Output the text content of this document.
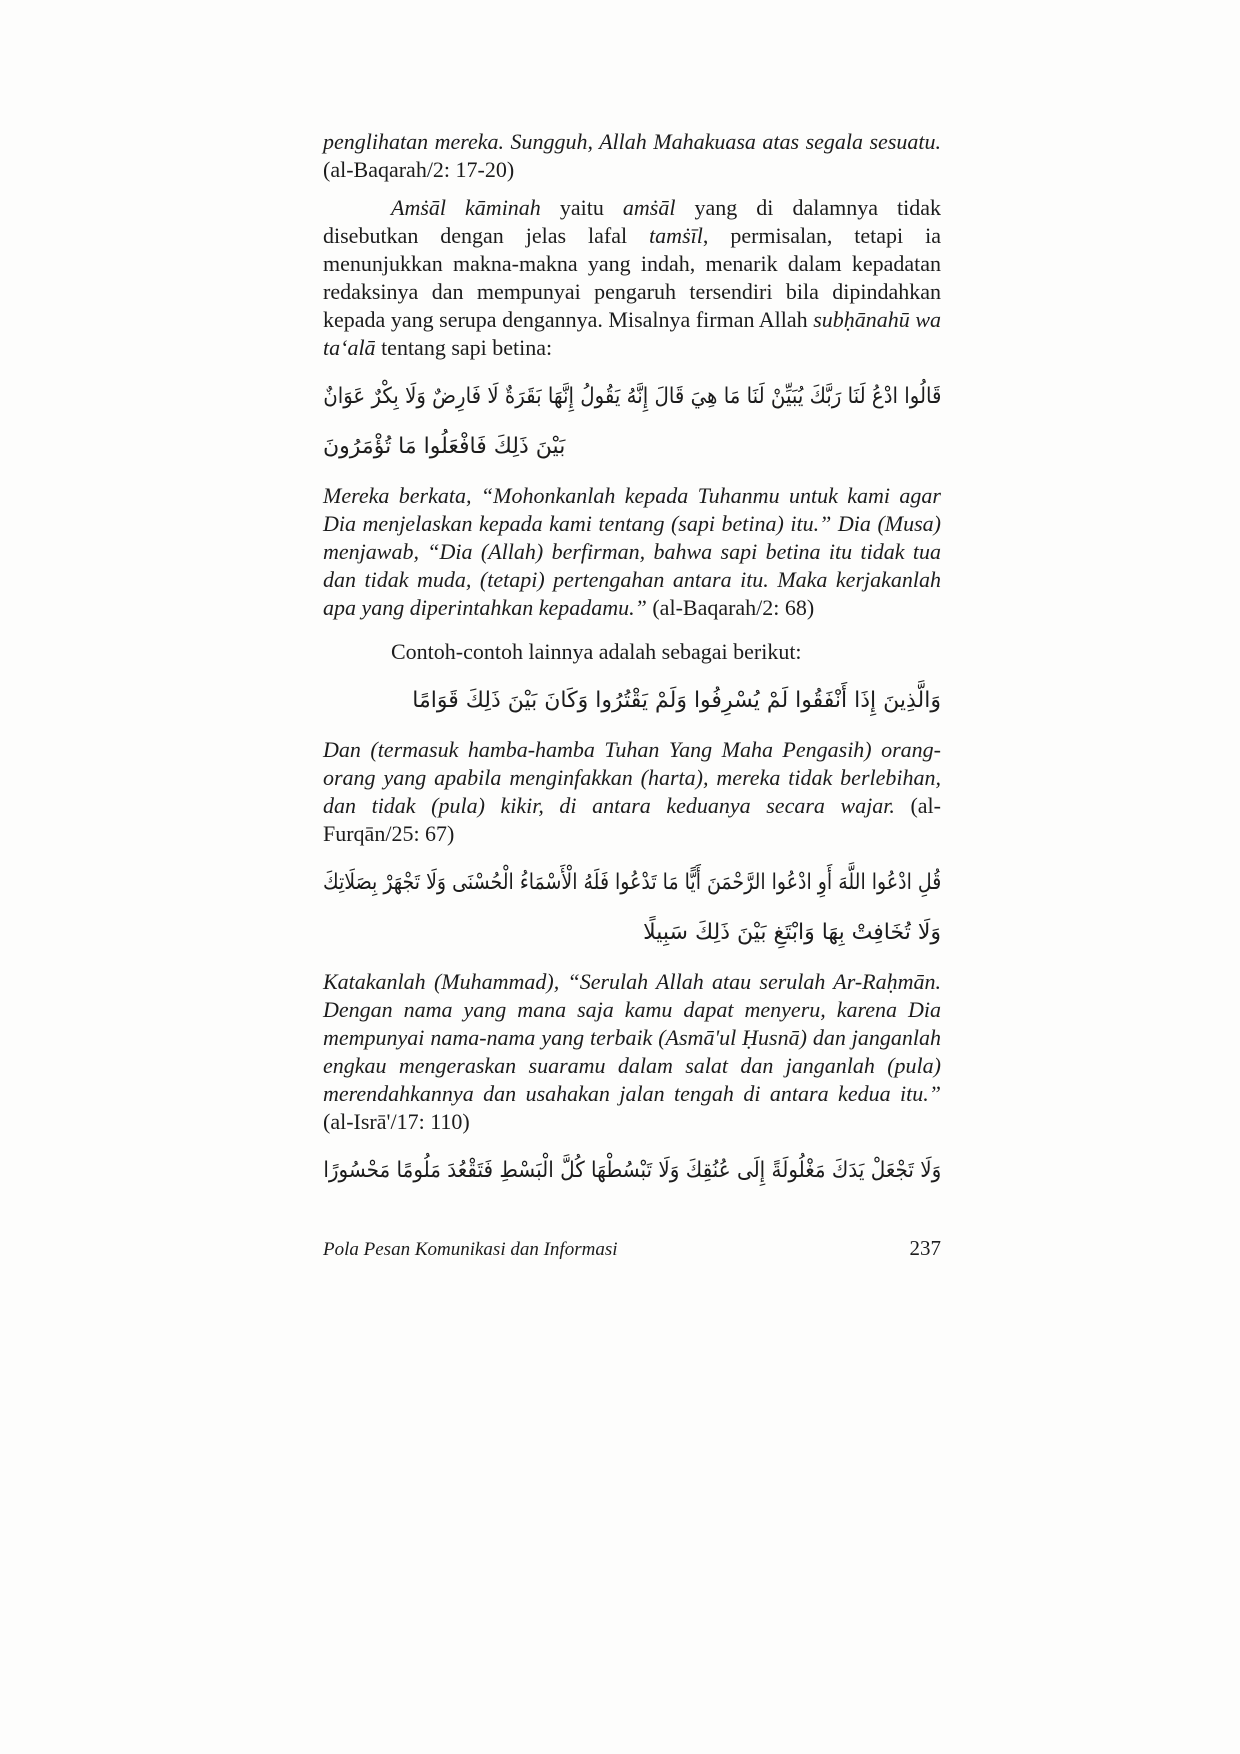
penglihatan mereka. Sungguh, Allah Mahakuasa atas segala sesuatu. (al-Baqarah/2: 17-20)

Amṡāl kāminah yaitu amṡāl yang di dalamnya tidak disebutkan dengan jelas lafal tamṡīl, permisalan, tetapi ia menunjukkan makna-makna yang indah, menarik dalam kepadatan redaksinya dan mempunyai pengaruh tersendiri bila dipindahkan kepada yang serupa dengannya. Misalnya firman Allah subḥānahū wa ta‘alā tentang sapi betina:

قَالُوا ادْعُ لَنَا رَبَّكَ يُبَيِّنْ لَنَا مَا هِيَ قَالَ إِنَّهُ يَقُولُ إِنَّهَا بَقَرَةٌ لَا فَارِضٌ وَلَا بِكْرٌ عَوَانٌ
بَيْنَ ذَلِكَ فَافْعَلُوا مَا تُؤْمَرُونَ

Mereka berkata, “Mohonkanlah kepada Tuhanmu untuk kami agar Dia menjelaskan kepada kami tentang (sapi betina) itu.” Dia (Musa) menjawab, “Dia (Allah) berfirman, bahwa sapi betina itu tidak tua dan tidak muda, (tetapi) pertengahan antara itu. Maka kerjakanlah apa yang diperintahkan kepadamu.” (al-Baqarah/2: 68)

Contoh-contoh lainnya adalah sebagai berikut:

وَالَّذِينَ إِذَا أَنْفَقُوا لَمْ يُسْرِفُوا وَلَمْ يَقْتُرُوا وَكَانَ بَيْنَ ذَلِكَ قَوَامًا

Dan (termasuk hamba-hamba Tuhan Yang Maha Pengasih) orang-orang yang apabila menginfakkan (harta), mereka tidak berlebihan, dan tidak (pula) kikir, di antara keduanya secara wajar. (al-Furqān/25: 67)

قُلِ ادْعُوا اللَّهَ أَوِ ادْعُوا الرَّحْمَنَ أَيًّا مَا تَدْعُوا فَلَهُ الْأَسْمَاءُ الْحُسْنَى وَلَا تَجْهَرْ بِصَلَاتِكَ
وَلَا تُخَافِتْ بِهَا وَابْتَغِ بَيْنَ ذَلِكَ سَبِيلًا

Katakanlah (Muhammad), “Serulah Allah atau serulah Ar-Raḥmān. Dengan nama yang mana saja kamu dapat menyeru, karena Dia mempunyai nama-nama yang terbaik (Asmā'ul Ḥusnā) dan janganlah engkau mengeraskan suaramu dalam salat dan janganlah (pula) merendahkannya dan usahakan jalan tengah di antara kedua itu.” (al-Isrā'/17: 110)

وَلَا تَجْعَلْ يَدَكَ مَغْلُولَةً إِلَى عُنُقِكَ وَلَا تَبْسُطْهَا كُلَّ الْبَسْطِ فَتَقْعُدَ مَلُومًا مَحْسُورًا
Pola Pesan Komunikasi dan Informasi	237
